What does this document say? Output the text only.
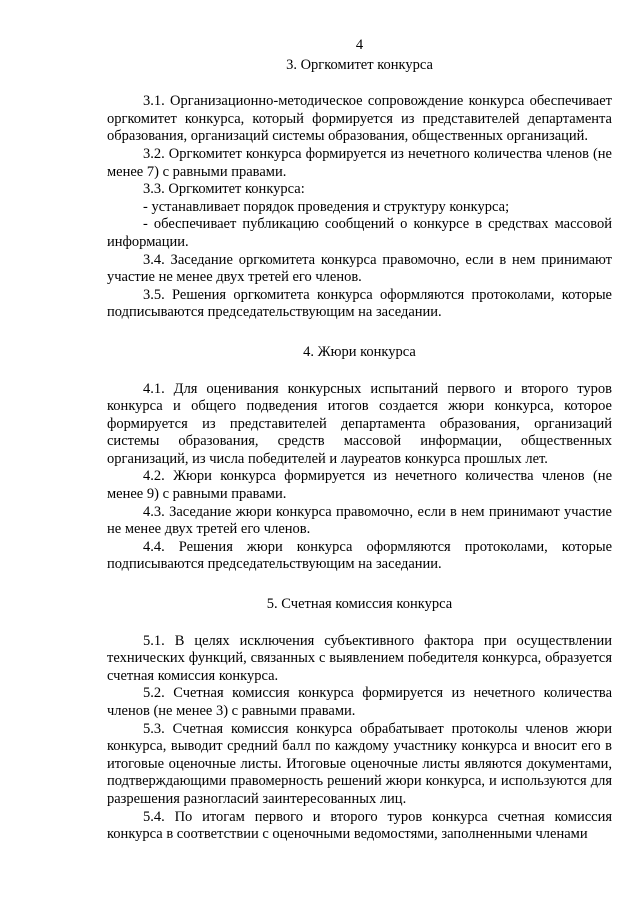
4
3. Оргкомитет конкурса

3.1. Организационно-методическое сопровождение конкурса обеспечивает оргкомитет конкурса, который формируется из представителей департамента образования, организаций системы образования, общественных организаций.

3.2. Оргкомитет конкурса формируется из нечетного количества членов (не менее 7) с равными правами.

3.3. Оргкомитет конкурса:

- устанавливает порядок проведения и структуру конкурса;

- обеспечивает публикацию сообщений о конкурсе в средствах массовой информации.

3.4. Заседание оргкомитета конкурса правомочно, если в нем принимают участие не менее двух третей его членов.

3.5. Решения оргкомитета конкурса оформляются протоколами, которые подписываются председательствующим на заседании.

4. Жюри конкурса

4.1. Для оценивания конкурсных испытаний первого и второго туров конкурса и общего подведения итогов создается жюри конкурса, которое формируется из представителей департамента образования, организаций системы образования, средств массовой информации, общественных организаций, из числа победителей и лауреатов конкурса прошлых лет.

4.2. Жюри конкурса формируется из нечетного количества членов (не менее 9) с равными правами.

4.3. Заседание жюри конкурса правомочно, если в нем принимают участие не менее двух третей его членов.

4.4. Решения жюри конкурса оформляются протоколами, которые подписываются председательствующим на заседании.

5. Счетная комиссия конкурса

5.1. В целях исключения субъективного фактора при осуществлении технических функций, связанных с выявлением победителя конкурса, образуется счетная комиссия конкурса.

5.2. Счетная комиссия конкурса формируется из нечетного количества членов (не менее 3) с равными правами.

5.3. Счетная комиссия конкурса обрабатывает протоколы членов жюри конкурса, выводит средний балл по каждому участнику конкурса и вносит его в итоговые оценочные листы. Итоговые оценочные листы являются документами, подтверждающими правомерность решений жюри конкурса, и используются для разрешения разногласий заинтересованных лиц.

5.4. По итогам первого и второго туров конкурса счетная комиссия конкурса в соответствии с оценочными ведомостями, заполненными членами
